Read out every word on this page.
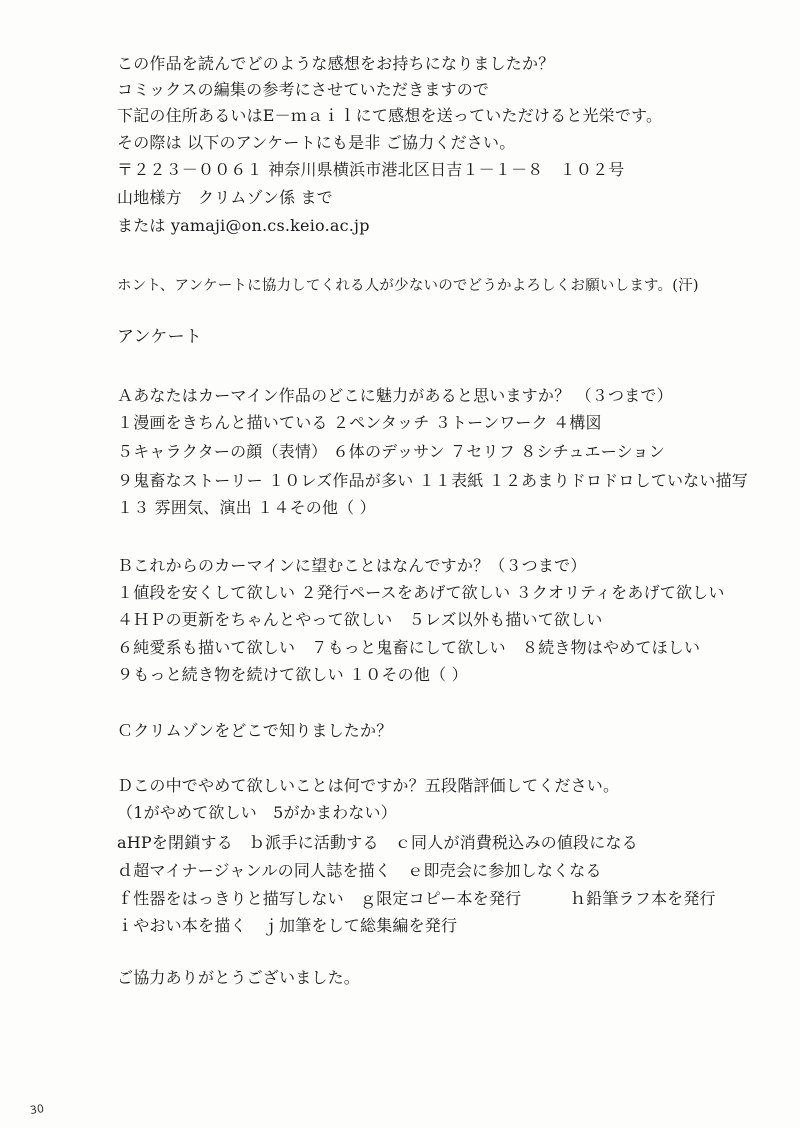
この作品を読んでどのような感想をお持ちになりましたか？
コミックスの編集の参考にさせていただきますので
下記の住所あるいはE－ｍａｉｌにて感想を送っていただけると光栄です。
その際は 以下のアンケートにも是非 ご協力ください。
〒２２３－００６１ 神奈川県横浜市港北区日吉１－１－８　１０２号
山地様方　クリムゾン係 まで
または yamaji@on.cs.keio.ac.jp
ホント、アンケートに協力してくれる人が少ないのでどうかよろしくお願いします。(汗)
アンケート
Ａあなたはカーマイン作品のどこに魅力があると思いますか？ （３つまで）
１漫画をきちんと描いている ２ペンタッチ ３トーンワーク ４構図
５キャラクターの顔（表情） ６体のデッサン ７セリフ ８シチュエーション
９鬼畜なストーリー １０レズ作品が多い １１表紙 １２あまりドロドロしていない描写
１３ 雰囲気、演出 １４その他（ ）
Ｂこれからのカーマインに望むことはなんですか？（３つまで）
１値段を安くして欲しい ２発行ペースをあげて欲しい ３クオリティをあげて欲しい
４ＨＰの更新をちゃんとやって欲しい　５レズ以外も描いて欲しい
６純愛系も描いて欲しい　７もっと鬼畜にして欲しい　８続き物はやめてほしい
９もっと続き物を続けて欲しい １０その他（ ）
Ｃクリムゾンをどこで知りましたか？
Ｄこの中でやめて欲しいことは何ですか？五段階評価してください。
（1がやめて欲しい　5がかまわない）
aHPを閉鎖する　ｂ派手に活動する　ｃ同人が消費税込みの値段になる
ｄ超マイナージャンルの同人誌を描く　ｅ即売会に参加しなくなる
ｆ性器をはっきりと描写しない　ｇ限定コピー本を発行　　　ｈ鉛筆ラフ本を発行
ｉやおい本を描く　ｊ加筆をして総集編を発行
ご協力ありがとうございました。
30
